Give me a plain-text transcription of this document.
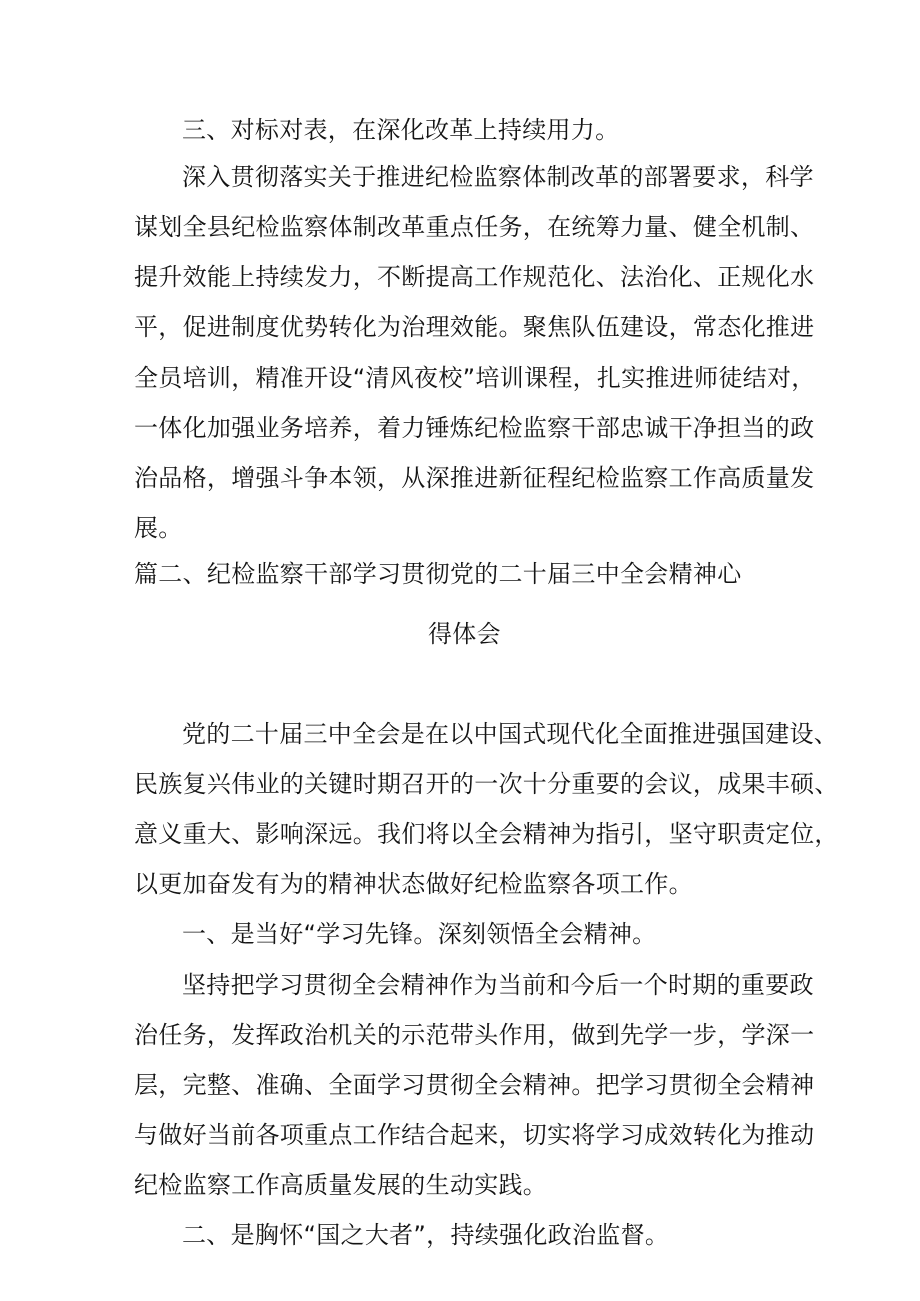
三、对标对表，在深化改革上持续用力。
深入贯彻落实关于推进纪检监察体制改革的部署要求，科学
谋划全县纪检监察体制改革重点任务，在统筹力量、健全机制、
提升效能上持续发力，不断提高工作规范化、法治化、正规化水
平，促进制度优势转化为治理效能。聚焦队伍建设，常态化推进
全员培训，精准开设“清风夜校”培训课程，扎实推进师徒结对，
一体化加强业务培养，着力锤炼纪检监察干部忠诚干净担当的政
治品格，增强斗争本领，从深推进新征程纪检监察工作高质量发
展。
篇二、纪检监察干部学习贯彻党的二十届三中全会精神心
得体会
党的二十届三中全会是在以中国式现代化全面推进强国建设、
民族复兴伟业的关键时期召开的一次十分重要的会议，成果丰硕、
意义重大、影响深远。我们将以全会精神为指引，坚守职责定位，
以更加奋发有为的精神状态做好纪检监察各项工作。
一、是当好“学习先锋。深刻领悟全会精神。
坚持把学习贯彻全会精神作为当前和今后一个时期的重要政
治任务，发挥政治机关的示范带头作用，做到先学一步，学深一
层，完整、准确、全面学习贯彻全会精神。把学习贯彻全会精神
与做好当前各项重点工作结合起来，切实将学习成效转化为推动
纪检监察工作高质量发展的生动实践。
二、是胸怀“国之大者”，持续强化政治监督。
